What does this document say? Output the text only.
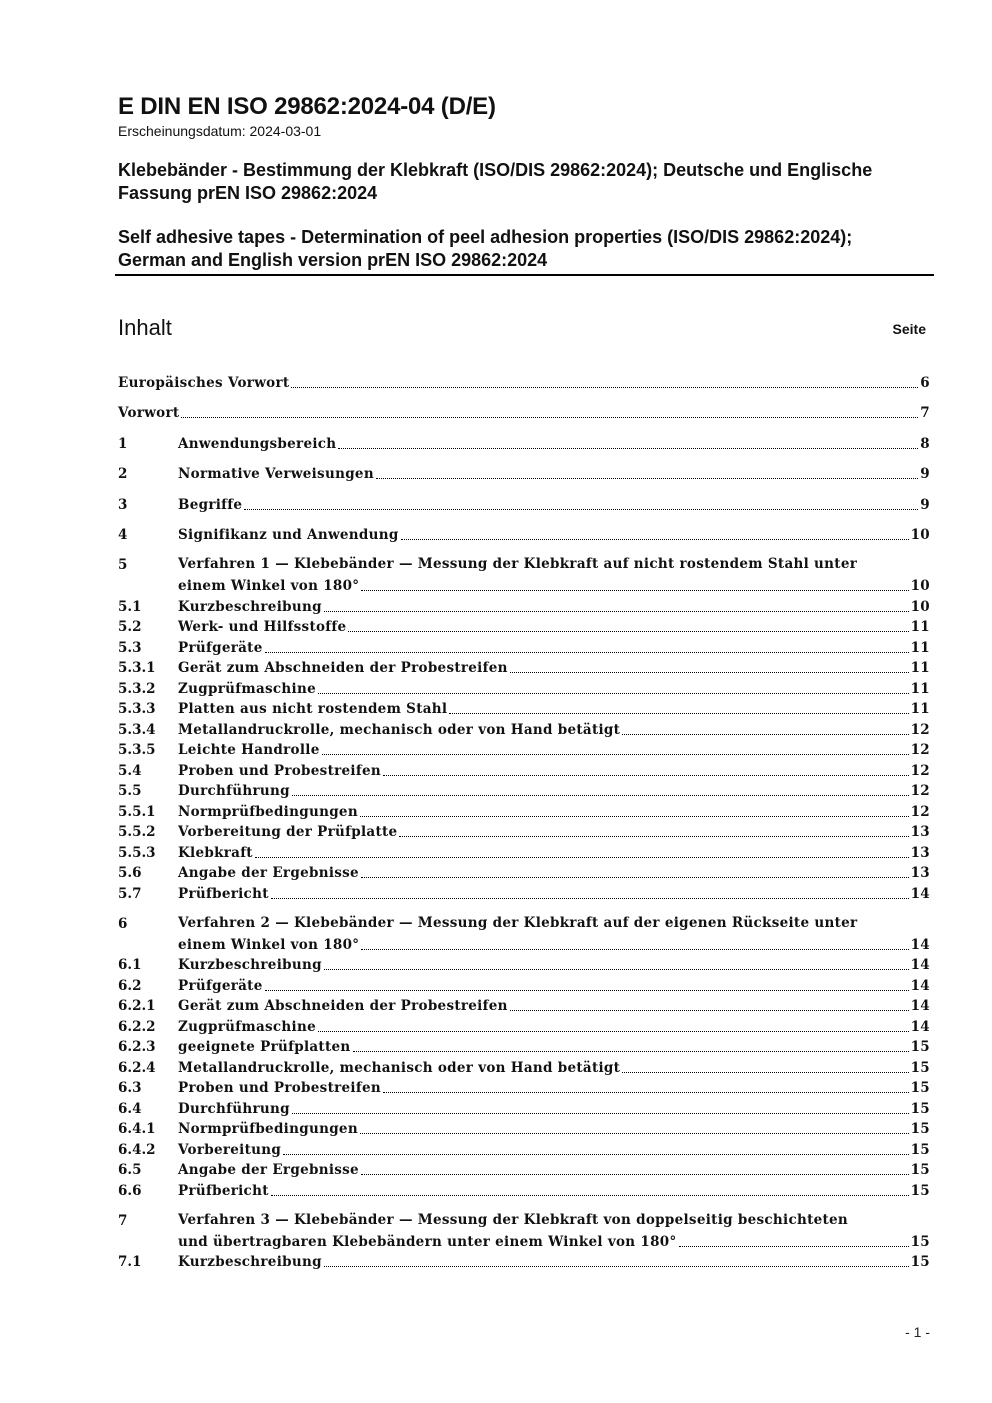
E DIN EN ISO 29862:2024-04 (D/E)

Erscheinungsdatum: 2024-03-01

Klebebänder - Bestimmung der Klebkraft (ISO/DIS 29862:2024); Deutsche und Englische Fassung prEN ISO 29862:2024

Self adhesive tapes - Determination of peel adhesion properties (ISO/DIS 29862:2024); German and English version prEN ISO 29862:2024

Inhalt	Seite
Europäisches Vorwort	6
Vorwort	7
1	Anwendungsbereich	8
2	Normative Verweisungen	9
3	Begriffe	9
4	Signifikanz und Anwendung	10
5	Verfahren 1 — Klebebänder — Messung der Klebkraft auf nicht rostendem Stahl unter
einem Winkel von 180°	10
5.1	Kurzbeschreibung	10
5.2	Werk- und Hilfsstoffe	11
5.3	Prüfgeräte	11
5.3.1	Gerät zum Abschneiden der Probestreifen	11
5.3.2	Zugprüfmaschine	11
5.3.3	Platten aus nicht rostendem Stahl	11
5.3.4	Metallandruckrolle, mechanisch oder von Hand betätigt	12
5.3.5	Leichte Handrolle	12
5.4	Proben und Probestreifen	12
5.5	Durchführung	12
5.5.1	Normprüfbedingungen	12
5.5.2	Vorbereitung der Prüfplatte	13
5.5.3	Klebkraft	13
5.6	Angabe der Ergebnisse	13
5.7	Prüfbericht	14
6	Verfahren 2 — Klebebänder — Messung der Klebkraft auf der eigenen Rückseite unter
einem Winkel von 180°	14
6.1	Kurzbeschreibung	14
6.2	Prüfgeräte	14
6.2.1	Gerät zum Abschneiden der Probestreifen	14
6.2.2	Zugprüfmaschine	14
6.2.3	geeignete Prüfplatten	15
6.2.4	Metallandruckrolle, mechanisch oder von Hand betätigt	15
6.3	Proben und Probestreifen	15
6.4	Durchführung	15
6.4.1	Normprüfbedingungen	15
6.4.2	Vorbereitung	15
6.5	Angabe der Ergebnisse	15
6.6	Prüfbericht	15
7	Verfahren 3 — Klebebänder — Messung der Klebkraft von doppelseitig beschichteten
und übertragbaren Klebebändern unter einem Winkel von 180°	15
7.1	Kurzbeschreibung	15
- 1 -
